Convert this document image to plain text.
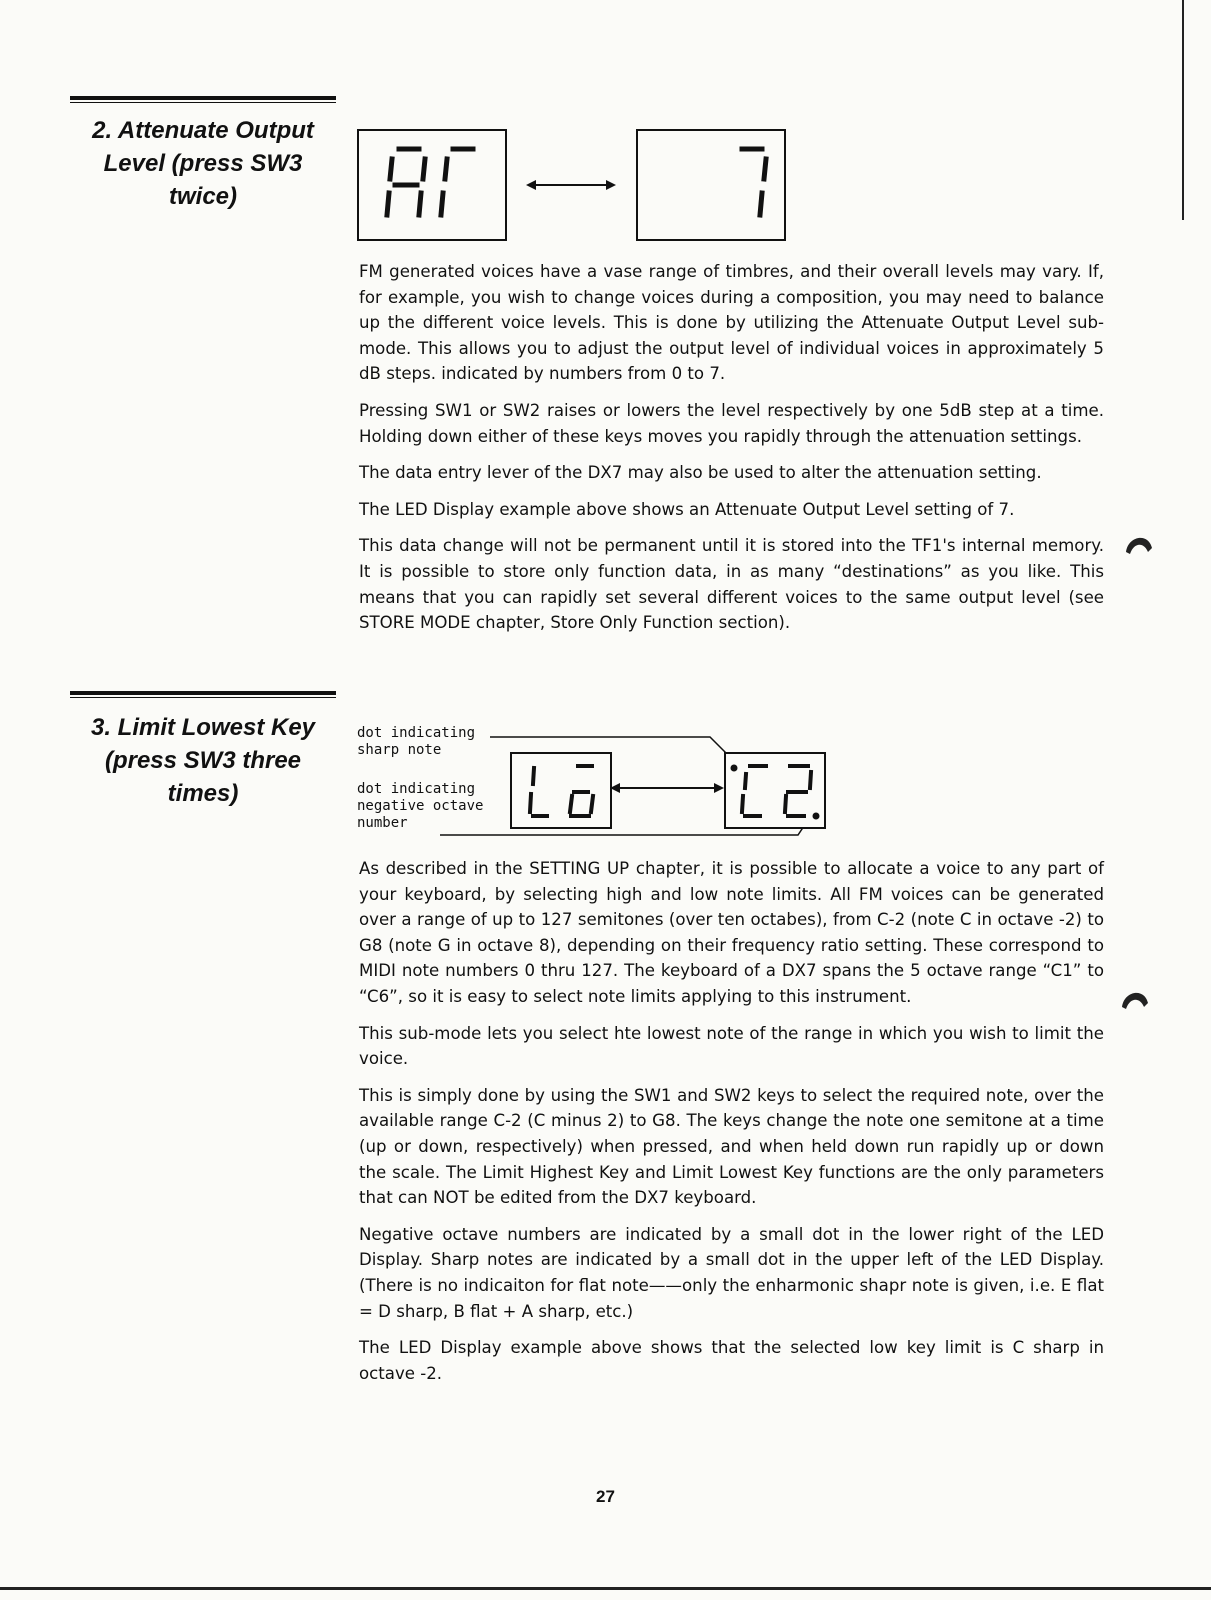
2. Attenuate Output
Level (press SW3
twice)

FM generated voices have a vase range of timbres, and their overall levels may vary. If, for example, you wish to change voices during a composition, you may need to balance up the different voice levels. This is done by utilizing the Attenuate Output Level sub-mode. This allows you to adjust the output level of individual voices in approximately 5 dB steps. indicated by numbers from 0 to 7.

Pressing SW1 or SW2 raises or lowers the level respectively by one 5dB step at a time. Holding down either of these keys moves you rapidly through the attenuation settings.

The data entry lever of the DX7 may also be used to alter the attenuation setting.

The LED Display example above shows an Attenuate Output Level setting of 7.

This data change will not be permanent until it is stored into the TF1's internal memory. It is possible to store only function data, in as many “destinations” as you like. This means that you can rapidly set several different voices to the same output level (see STORE MODE chapter, Store Only Function section).

3. Limit Lowest Key
(press SW3 three
times)
dot indicating
sharp note
dot indicating
negative octave
number

As described in the SETTING UP chapter, it is possible to allocate a voice to any part of your keyboard, by selecting high and low note limits. All FM voices can be generated over a range of up to 127 semitones (over ten octabes), from C-2 (note C in octave -2) to G8 (note G in octave 8), depending on their frequency ratio setting. These correspond to MIDI note numbers 0 thru 127. The keyboard of a DX7 spans the 5 octave range “C1” to “C6”, so it is easy to select note limits applying to this instrument.

This sub-mode lets you select hte lowest note of the range in which you wish to limit the voice.

This is simply done by using the SW1 and SW2 keys to select the required note, over the available range C-2 (C minus 2) to G8. The keys change the note one semitone at a time (up or down, respectively) when pressed, and when held down run rapidly up or down the scale. The Limit Highest Key and Limit Lowest Key functions are the only parameters that can NOT be edited from the DX7 keyboard.

Negative octave numbers are indicated by a small dot in the lower right of the LED Display. Sharp notes are indicated by a small dot in the upper left of the LED Display. (There is no indicaiton for flat note——only the enharmonic shapr note is given, i.e. E flat = D sharp, B flat + A sharp, etc.)

The LED Display example above shows that the selected low key limit is C sharp in octave -2.

27
